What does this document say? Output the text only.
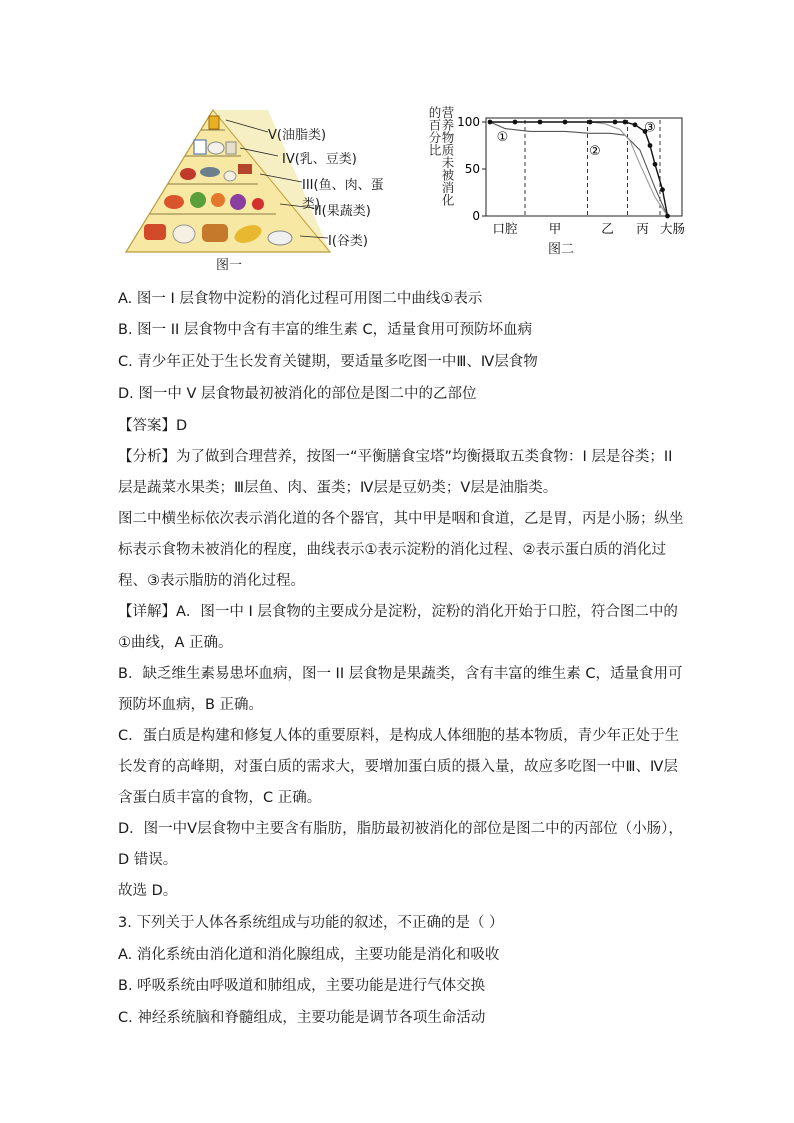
V(油脂类)
IV(乳、豆类)
III(鱼、肉、蛋类)
II(果蔬类)
I(谷类)
图一
营养物质未被消化的百分比	100
50
0
口腔 甲	乙 丙 大肠
①
②
③
图二
A. 图一 I 层食物中淀粉的消化过程可用图二中曲线①表示
B. 图一 II 层食物中含有丰富的维生素 C，适量食用可预防坏血病
C. 青少年正处于生长发育关键期，要适量多吃图一中Ⅲ、Ⅳ层食物
D. 图一中 V 层食物最初被消化的部位是图二中的乙部位
【答案】D
【分析】为了做到合理营养，按图一“平衡膳食宝塔”均衡摄取五类食物：I 层是谷类；II
层是蔬菜水果类；Ⅲ层鱼、肉、蛋类；Ⅳ层是豆奶类；V层是油脂类。
图二中横坐标依次表示消化道的各个器官，其中甲是咽和食道，乙是胃，丙是小肠；纵坐
标表示食物未被消化的程度，曲线表示①表示淀粉的消化过程、②表示蛋白质的消化过
程、③表示脂肪的消化过程。
【详解】A．图一中 I 层食物的主要成分是淀粉，淀粉的消化开始于口腔，符合图二中的
①曲线，A 正确。
B．缺乏维生素易患坏血病，图一 II 层食物是果蔬类，含有丰富的维生素 C，适量食用可
预防坏血病，B 正确。
C．蛋白质是构建和修复人体的重要原料，是构成人体细胞的基本物质，青少年正处于生
长发育的高峰期，对蛋白质的需求大，要增加蛋白质的摄入量，故应多吃图一中Ⅲ、Ⅳ层
含蛋白质丰富的食物，C 正确。
D．图一中V层食物中主要含有脂肪，脂肪最初被消化的部位是图二中的丙部位（小肠），
D 错误。
故选 D。
3. 下列关于人体各系统组成与功能的叙述，不正确的是（ ）
A. 消化系统由消化道和消化腺组成，主要功能是消化和吸收
B. 呼吸系统由呼吸道和肺组成，主要功能是进行气体交换
C. 神经系统脑和脊髓组成，主要功能是调节各项生命活动
